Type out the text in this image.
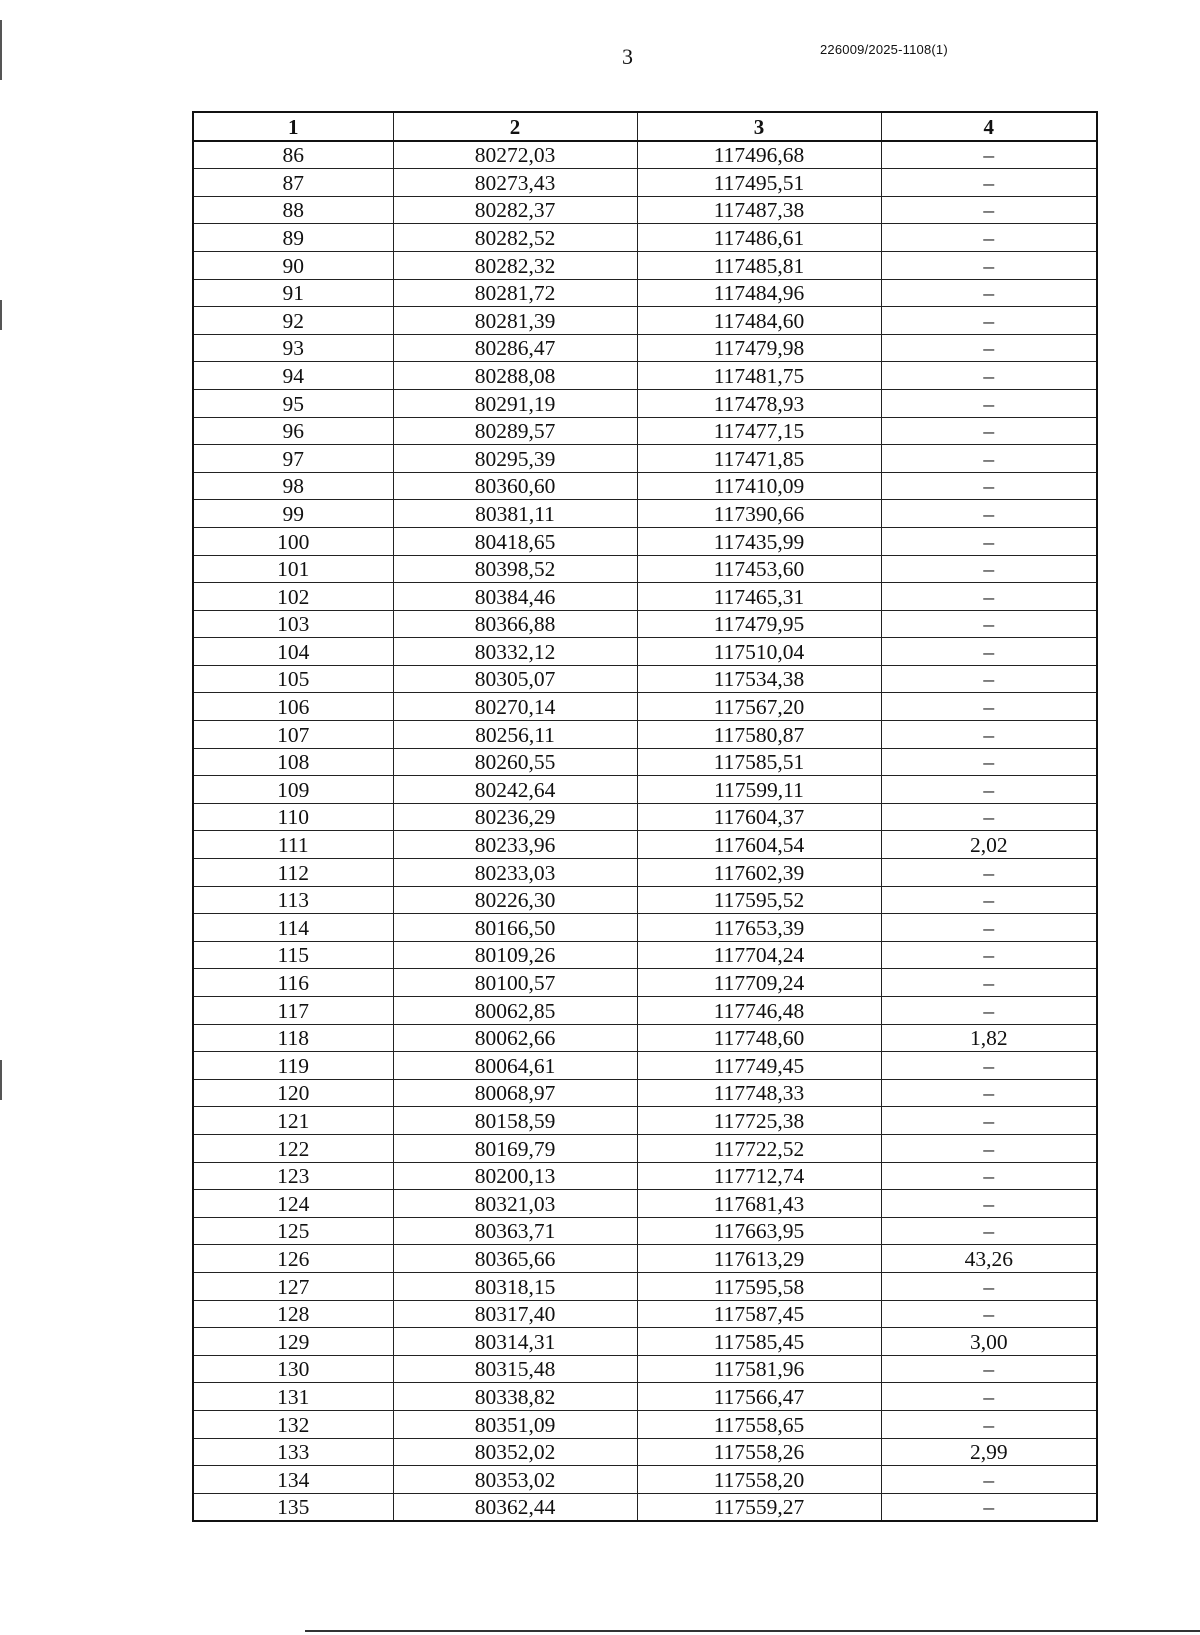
3	226009/2025-1108(1)
1	2	3	4
86	80272,03	117496,68	–
87	80273,43	117495,51	–
88	80282,37	117487,38	–
89	80282,52	117486,61	–
90	80282,32	117485,81	–
91	80281,72	117484,96	–
92	80281,39	117484,60	–
93	80286,47	117479,98	–
94	80288,08	117481,75	–
95	80291,19	117478,93	–
96	80289,57	117477,15	–
97	80295,39	117471,85	–
98	80360,60	117410,09	–
99	80381,11	117390,66	–
100	80418,65	117435,99	–
101	80398,52	117453,60	–
102	80384,46	117465,31	–
103	80366,88	117479,95	–
104	80332,12	117510,04	–
105	80305,07	117534,38	–
106	80270,14	117567,20	–
107	80256,11	117580,87	–
108	80260,55	117585,51	–
109	80242,64	117599,11	–
110	80236,29	117604,37	–
111	80233,96	117604,54	2,02
112	80233,03	117602,39	–
113	80226,30	117595,52	–
114	80166,50	117653,39	–
115	80109,26	117704,24	–
116	80100,57	117709,24	–
117	80062,85	117746,48	–
118	80062,66	117748,60	1,82
119	80064,61	117749,45	–
120	80068,97	117748,33	–
121	80158,59	117725,38	–
122	80169,79	117722,52	–
123	80200,13	117712,74	–
124	80321,03	117681,43	–
125	80363,71	117663,95	–
126	80365,66	117613,29	43,26
127	80318,15	117595,58	–
128	80317,40	117587,45	–
129	80314,31	117585,45	3,00
130	80315,48	117581,96	–
131	80338,82	117566,47	–
132	80351,09	117558,65	–
133	80352,02	117558,26	2,99
134	80353,02	117558,20	–
135	80362,44	117559,27	–
